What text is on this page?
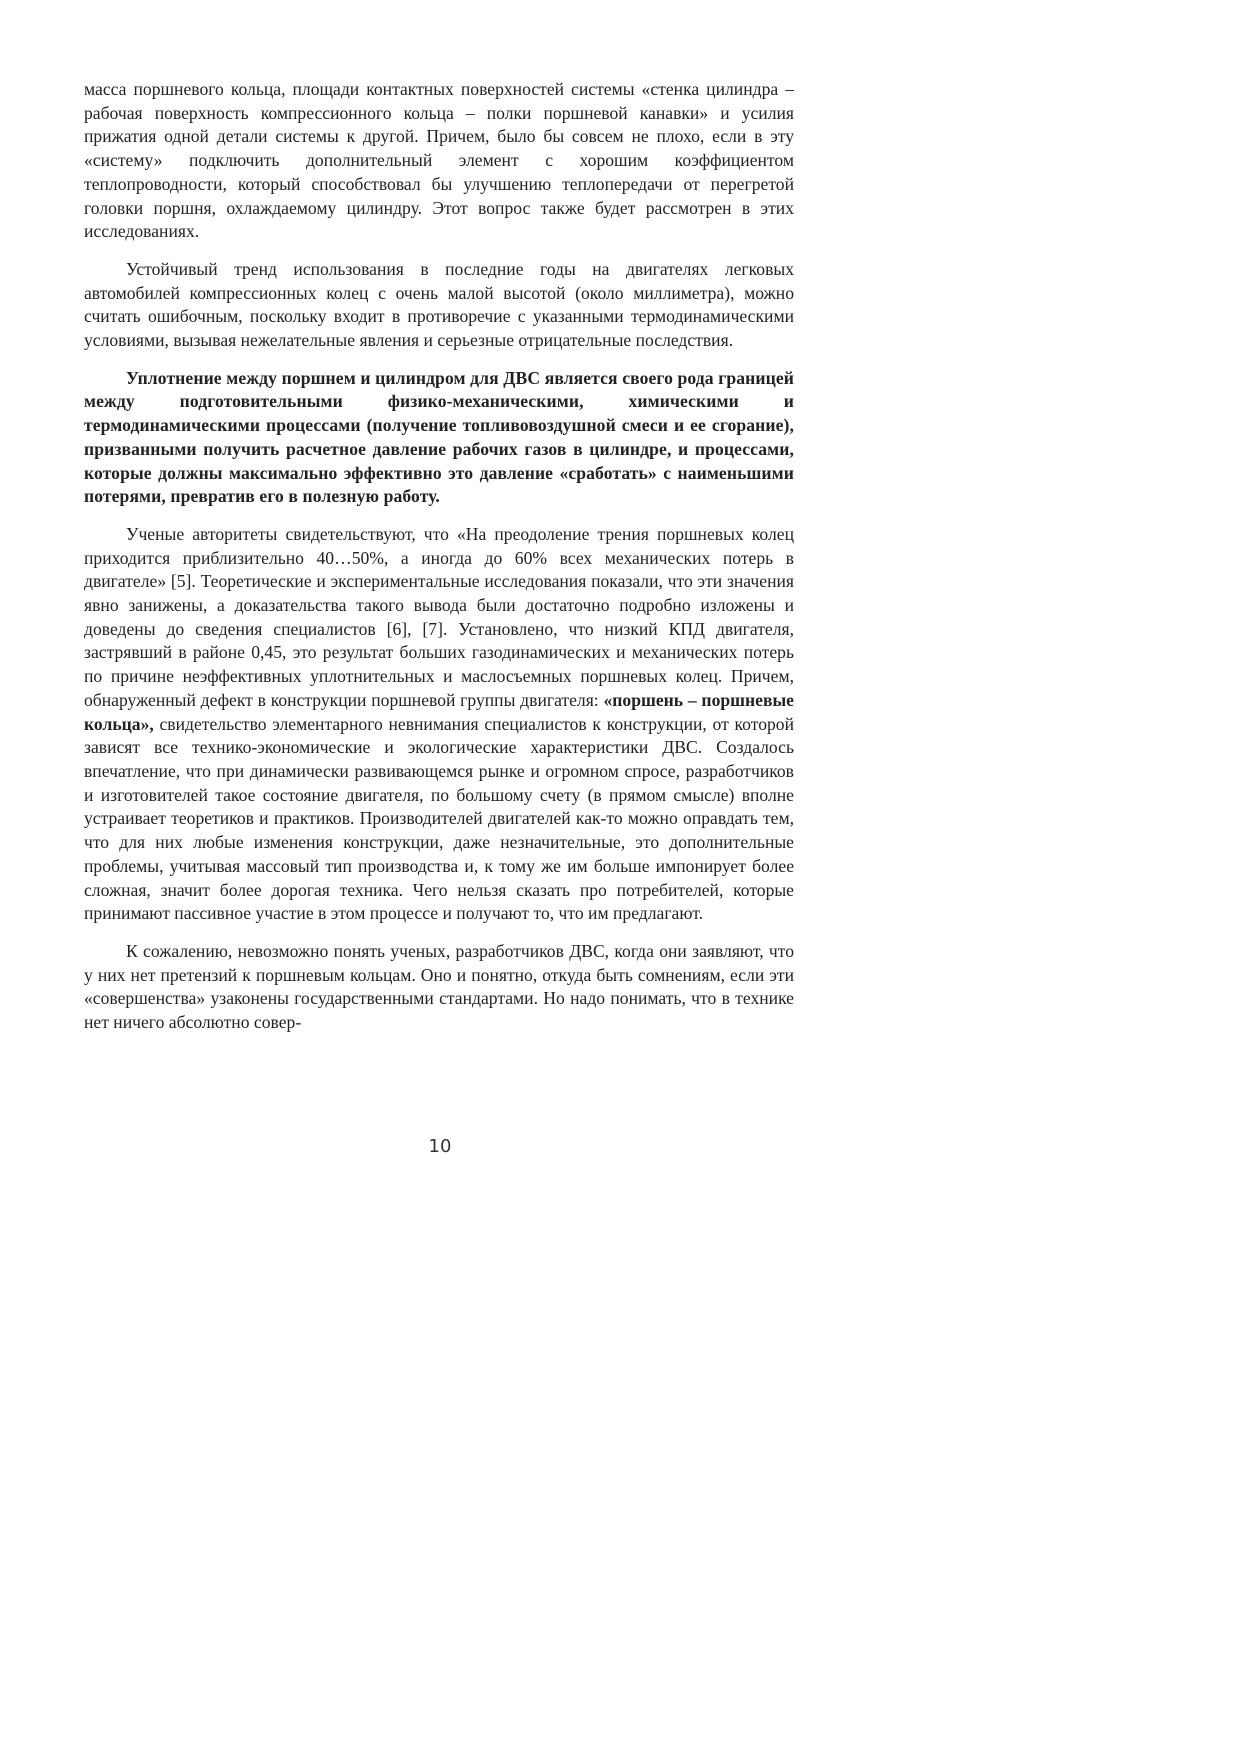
масса поршневого кольца, площади контактных поверхностей системы «стенка цилиндра – рабочая поверхность компрессионного кольца – полки поршневой канавки» и усилия прижатия одной детали системы к другой. Причем, было бы совсем не плохо, если в эту «систему» подключить дополнительный элемент с хорошим коэффициентом теплопроводности, который способствовал бы улучшению теплопередачи от перегретой головки поршня, охлаждаемому цилиндру. Этот вопрос также будет рассмотрен в этих исследованиях.

Устойчивый тренд использования в последние годы на двигателях легковых автомобилей компрессионных колец с очень малой высотой (около миллиметра), можно считать ошибочным, поскольку входит в противоречие с указанными термодинамическими условиями, вызывая нежелательные явления и серьезные отрицательные последствия.

Уплотнение между поршнем и цилиндром для ДВС является своего рода границей между подготовительными физико-механическими, химическими и термодинамическими процессами (получение топливовоздушной смеси и ее сгорание), призванными получить расчетное давление рабочих газов в цилиндре, и процессами, которые должны максимально эффективно это давление «сработать» с наименьшими потерями, превратив его в полезную работу.

Ученые авторитеты свидетельствуют, что «На преодоление трения поршневых колец приходится приблизительно 40…50%, а иногда до 60% всех механических потерь в двигателе» [5]. Теоретические и экспериментальные исследования показали, что эти значения явно занижены, а доказательства такого вывода были достаточно подробно изложены и доведены до сведения специалистов [6], [7]. Установлено, что низкий КПД двигателя, застрявший в районе 0,45, это результат больших газодинамических и механических потерь по причине неэффективных уплотнительных и маслосъемных поршневых колец. Причем, обнаруженный дефект в конструкции поршневой группы двигателя: «поршень – поршневые кольца», свидетельство элементарного невнимания специалистов к конструкции, от которой зависят все технико-экономические и экологические характеристики ДВС. Создалось впечатление, что при динамически развивающемся рынке и огромном спросе, разработчиков и изготовителей такое состояние двигателя, по большому счету (в прямом смысле) вполне устраивает теоретиков и практиков. Производителей двигателей как-то можно оправдать тем, что для них любые изменения конструкции, даже незначительные, это дополнительные проблемы, учитывая массовый тип производства и, к тому же им больше импонирует более сложная, значит более дорогая техника. Чего нельзя сказать про потребителей, которые принимают пассивное участие в этом процессе и получают то, что им предлагают.

К сожалению, невозможно понять ученых, разработчиков ДВС, когда они заявляют, что у них нет претензий к поршневым кольцам. Оно и понятно, откуда быть сомнениям, если эти «совершенства» узаконены государственными стандартами. Но надо понимать, что в технике нет ничего абсолютно совер-

10
